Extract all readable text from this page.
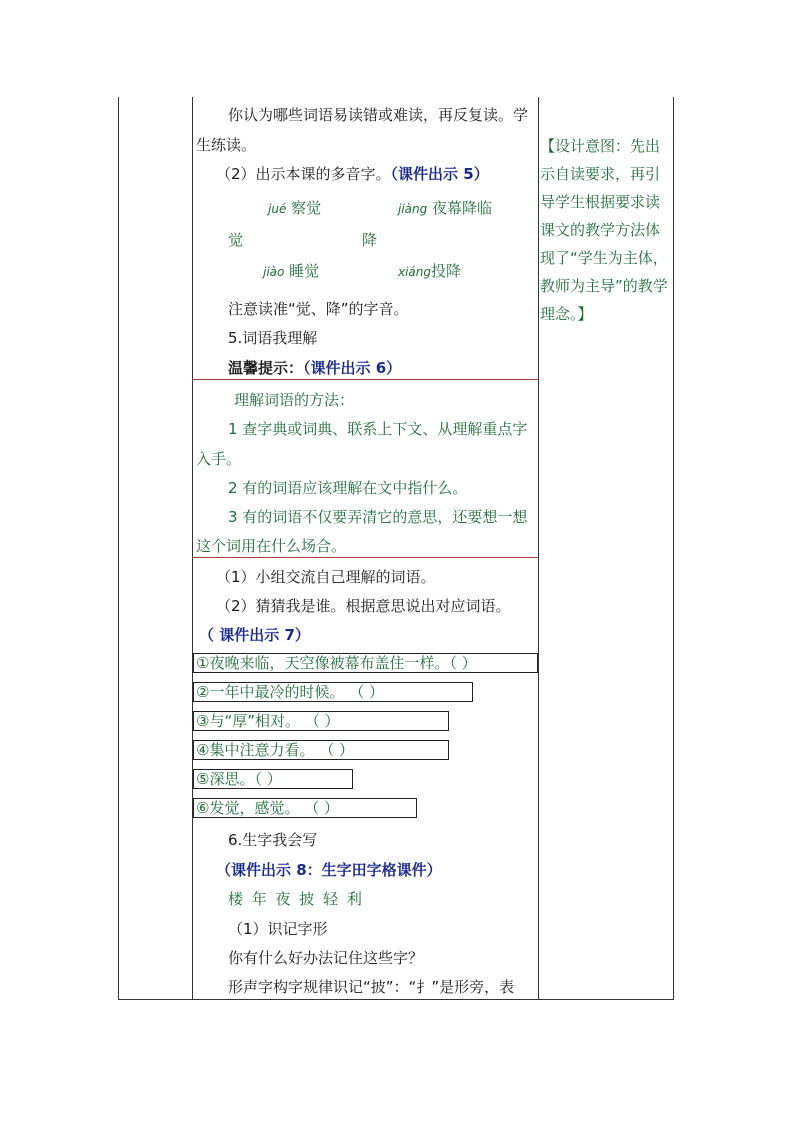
你认为哪些词语易读错或难读，再反复读。学
生练读。
（2）出示本课的多音字。（课件出示 5）
jué 察觉	jiàng 夜幕降临
觉	降
jiào 睡觉	xiáng投降
注意读准“觉、降”的字音。
5.词语我理解
温馨提示：（课件出示 6）
理解词语的方法：
1 查字典或词典、联系上下文、从理解重点字
入手。
2 有的词语应该理解在文中指什么。
3 有的词语不仅要弄清它的意思，还要想一想
这个词用在什么场合。
（1）小组交流自己理解的词语。
（2）猜猜我是谁。根据意思说出对应词语。
（ 课件出示 7）
①夜晚来临，天空像被幕布盖住一样。（ ）
②一年中最冷的时候。 （ ）
③与“厚”相对。 （ ）
④集中注意力看。 （ ）
⑤深思。（ ）
⑥发觉，感觉。 （ ）
6.生字我会写
（课件出示 8：生字田字格课件）
楼 年 夜 披 轻 利
（1）识记字形
你有什么好办法记住这些字？
形声字构字规律识记“披”：“扌”是形旁，表
【设计意图：先出示自读要求，再引导学生根据要求读课文的教学方法体现了“学生为主体，教师为主导”的教学理念。】
